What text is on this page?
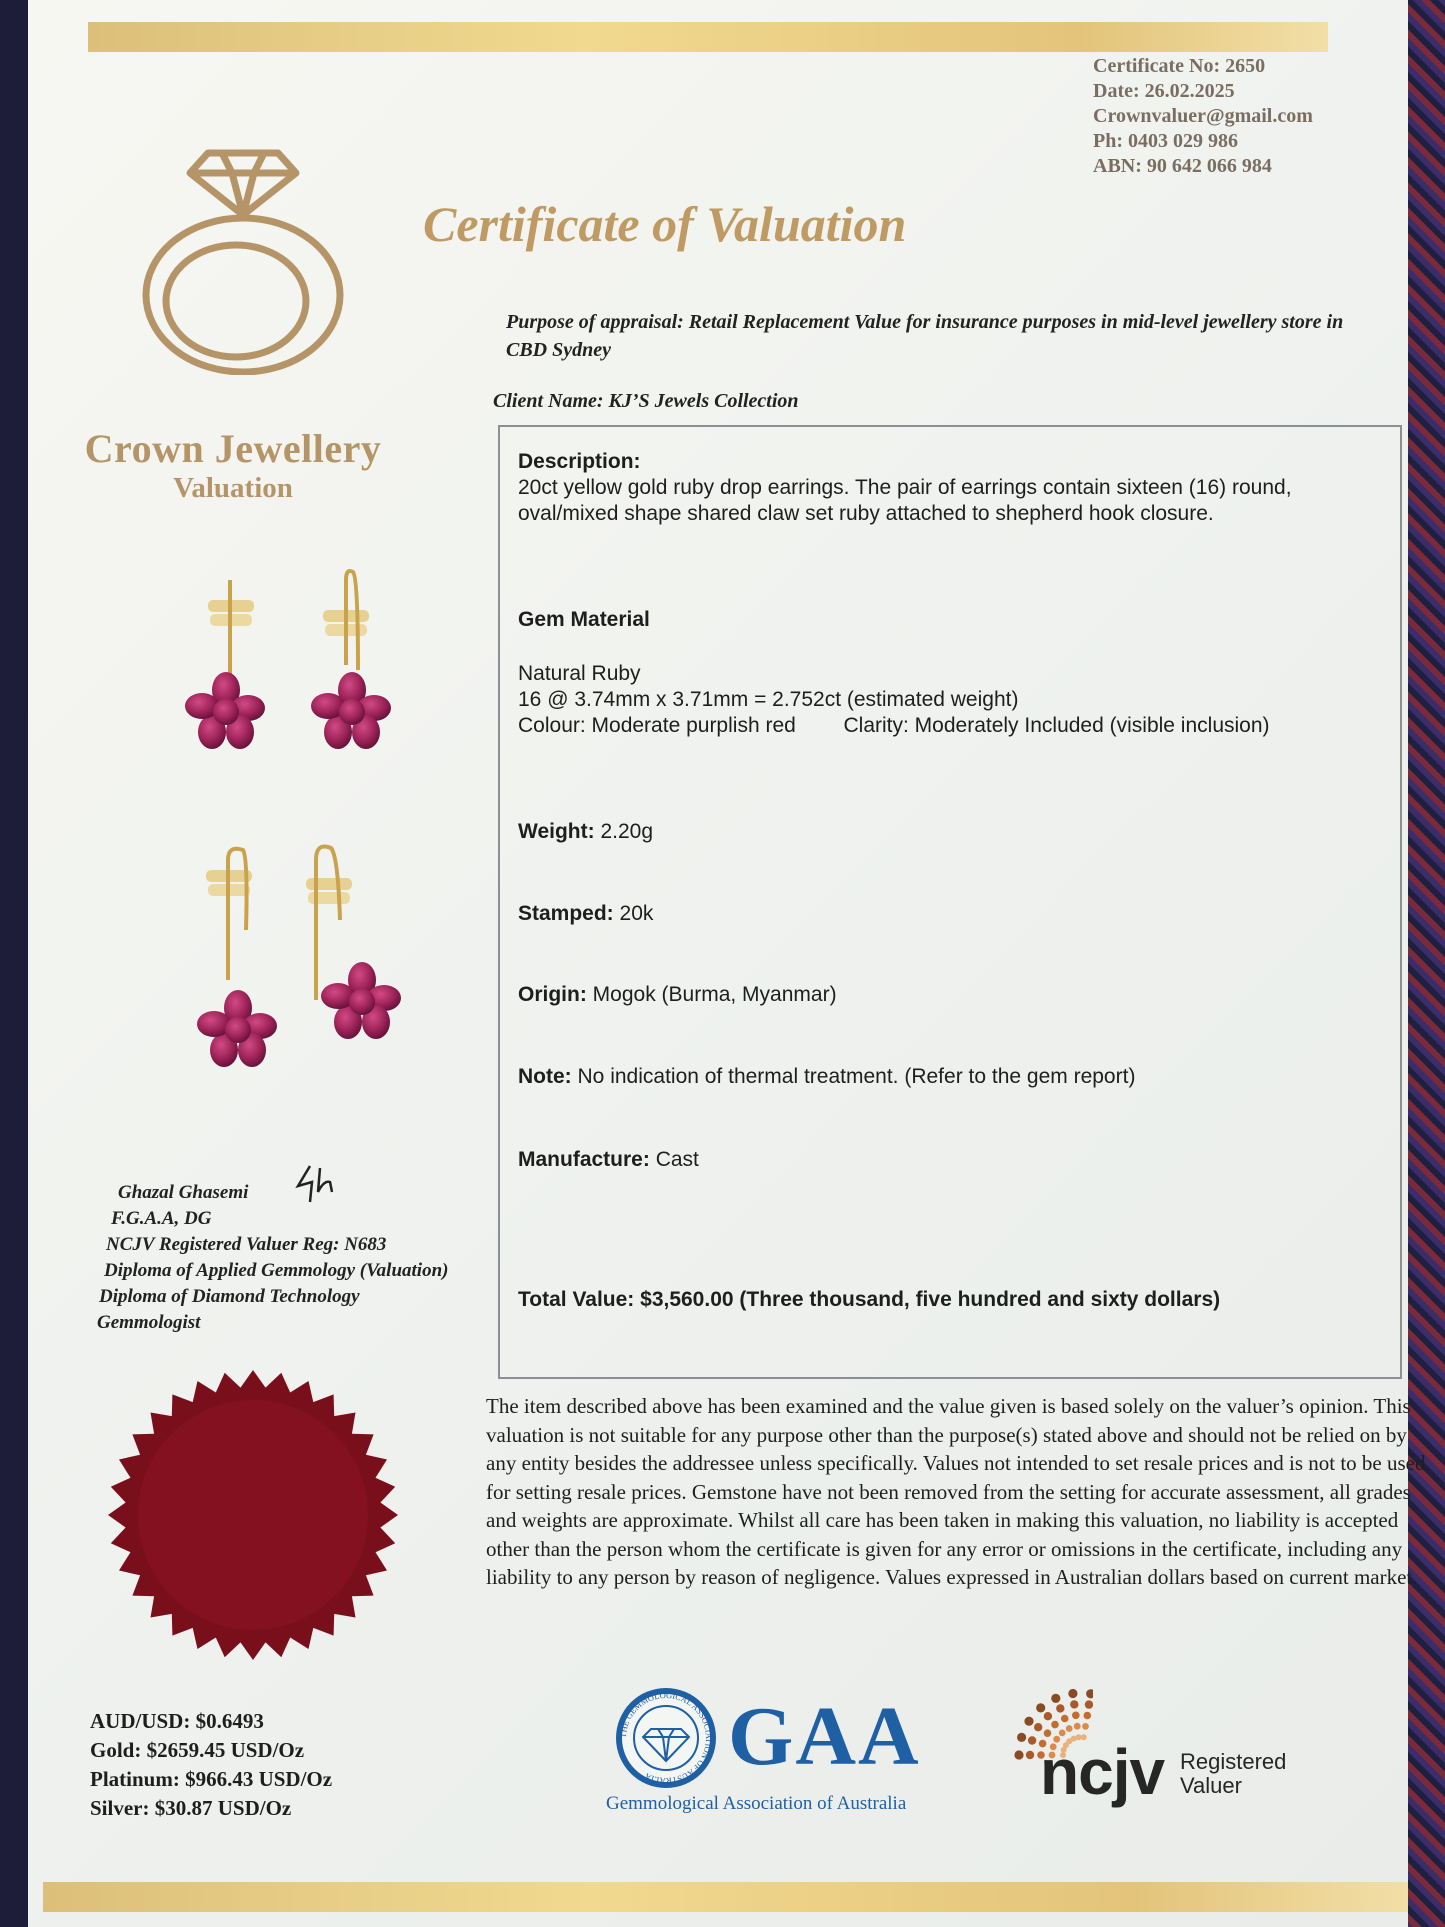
Certificate No: 2650
Date: 26.02.2025
Crownvaluer@gmail.com
Ph: 0403 029 986
ABN: 90 642 066 984
Crown Jewellery
Valuation
Certificate of Valuation
Purpose of appraisal: Retail Replacement Value for insurance purposes in mid-level jewellery store in CBD Sydney
Client Name: KJ’S Jewels Collection
Description:
20ct yellow gold ruby drop earrings. The pair of earrings contain sixteen (16) round, oval/mixed shape shared claw set ruby attached to shepherd hook closure.
Gem Material
Natural Ruby
16 @ 3.74mm x 3.71mm = 2.752ct (estimated weight)
Colour: Moderate purplish red Clarity: Moderately Included (visible inclusion)
Weight: 2.20g
Stamped: 20k
Origin: Mogok (Burma, Myanmar)
Note: No indication of thermal treatment. (Refer to the gem report)
Manufacture: Cast
Total Value: $3,560.00 (Three thousand, five hundred and sixty dollars)
Ghazal Ghasemi
F.G.A.A, DG
NCJV Registered Valuer Reg: N683
Diploma of Applied Gemmology (Valuation)
Diploma of Diamond Technology
Gemmologist
The item described above has been examined and the value given is based solely on the valuer’s opinion. This valuation is not suitable for any purpose other than the purpose(s) stated above and should not be relied on by any entity besides the addressee unless specifically. Values not intended to set resale prices and is not to be used for setting resale prices. Gemstone have not been removed from the setting for accurate assessment, all grades and weights are approximate. Whilst all care has been taken in making this valuation, no liability is accepted other than the person whom the certificate is given for any error or omissions in the certificate, including any liability to any person by reason of negligence. Values expressed in Australian dollars based on current market.
AUD/USD: $0.6493
Gold: $2659.45 USD/Oz
Platinum: $966.43 USD/Oz
Silver: $30.87 USD/Oz
THE GEMMOLOGICAL ASSOCIATION OF AUSTRALIA GAA
Gemmological Association of Australia ncjv Registered
Valuer
